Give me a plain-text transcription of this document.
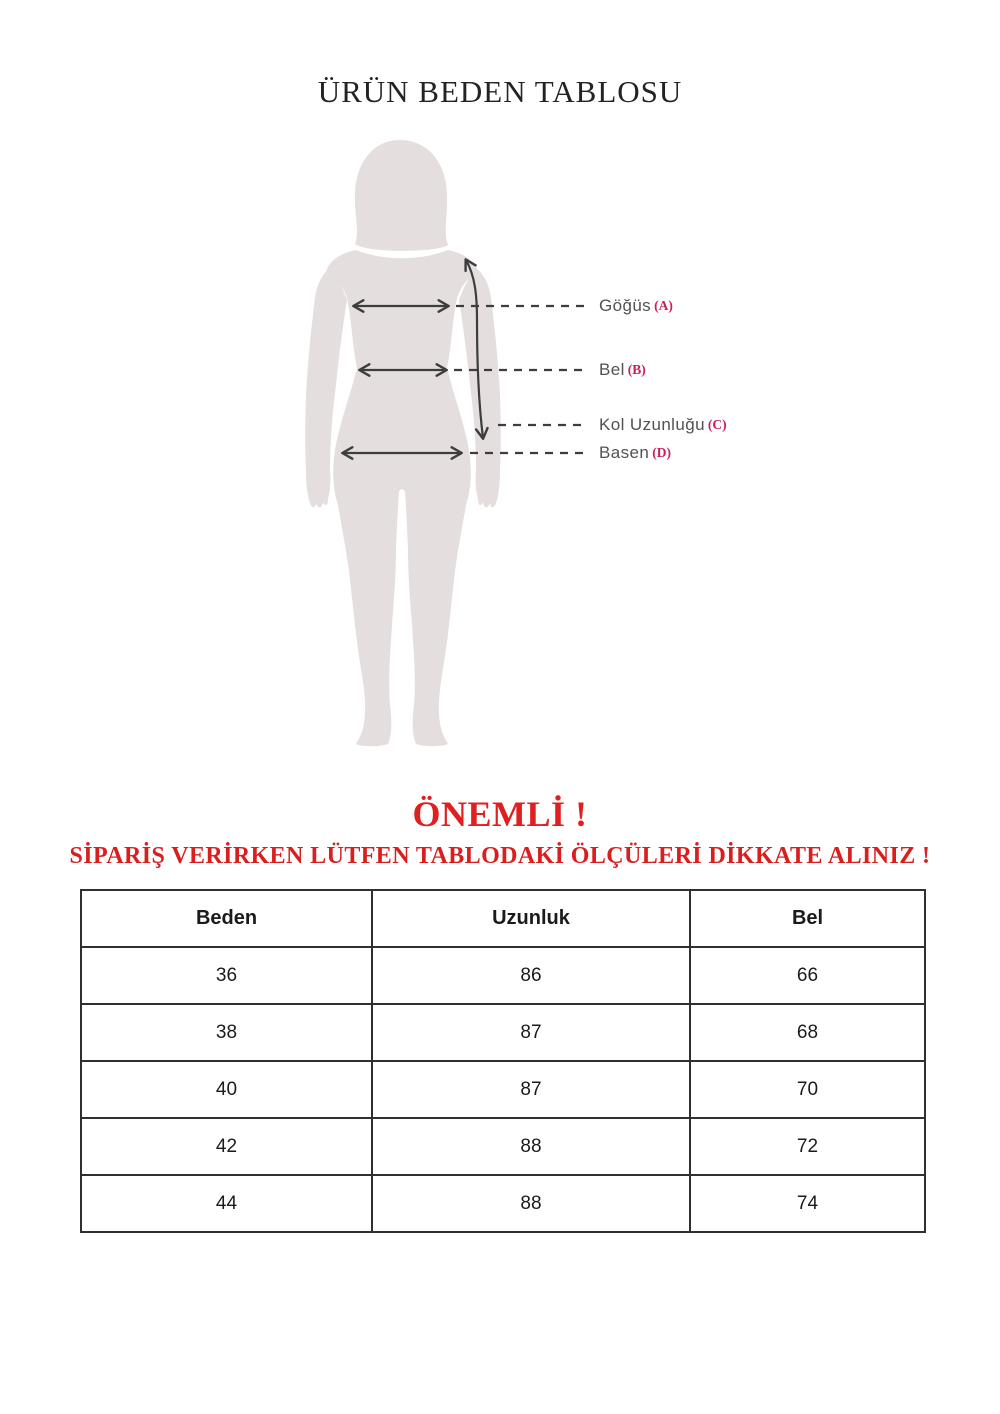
ÜRÜN BEDEN TABLOSU
Göğüs (A)
Bel (B)
Kol Uzunluğu (C)
Basen (D)
ÖNEMLİ !
SİPARİŞ VERİRKEN LÜTFEN TABLODAKİ ÖLÇÜLERİ DİKKATE ALINIZ !
Beden	Uzunluk	Bel
36	86	66
38	87	68
40	87	70
42	88	72
44	88	74
